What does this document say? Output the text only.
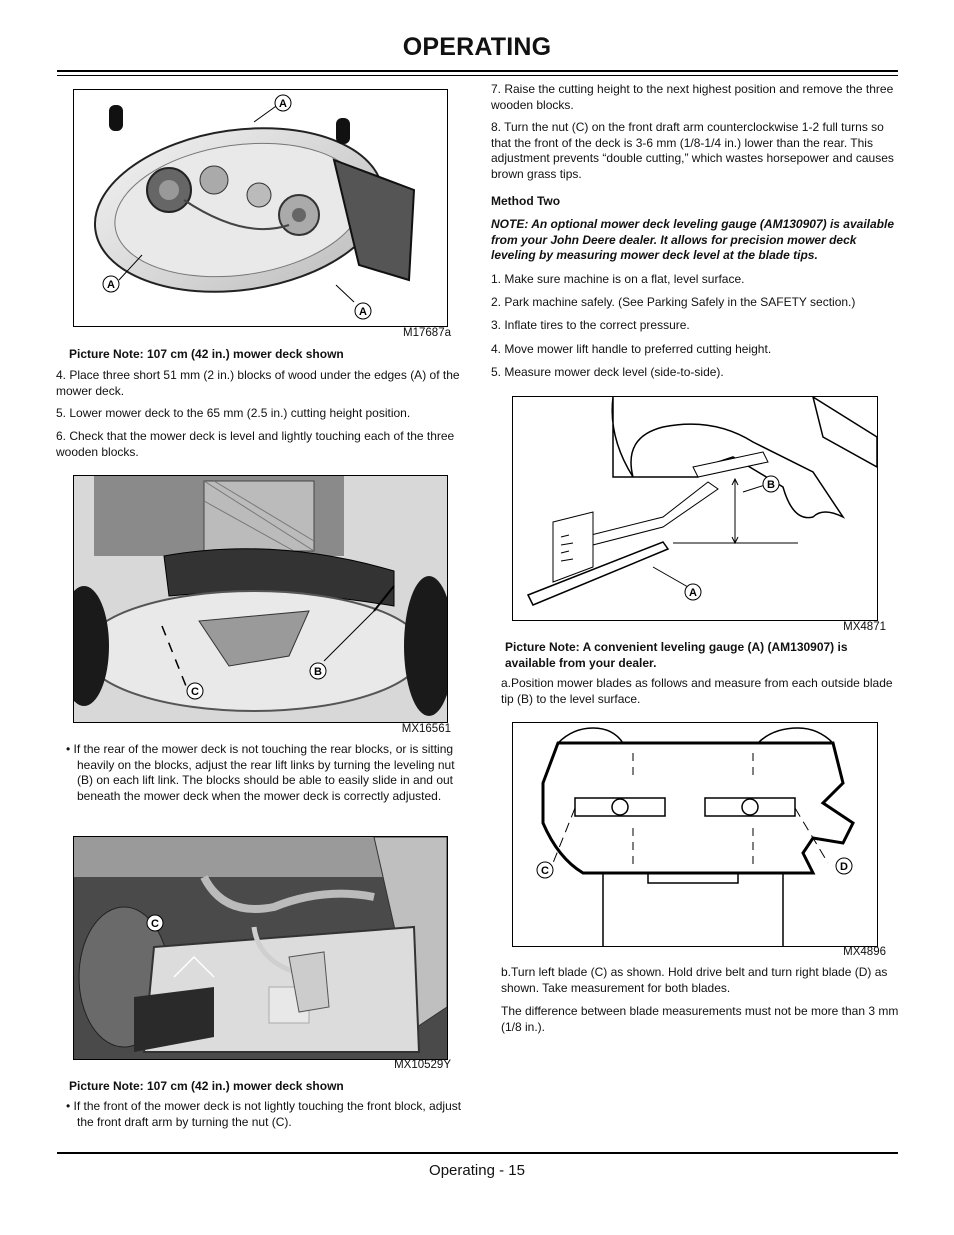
OPERATING
A
A
A
M17687a
Picture Note: 107 cm (42 in.) mower deck shown
4. Place three short 51 mm (2 in.) blocks of wood under the edges (A) of the mower deck.
5. Lower mower deck to the 65 mm (2.5 in.) cutting height position.
6. Check that the mower deck is level and lightly touching each of the three wooden blocks.
B
C
MX16561
• If the rear of the mower deck is not touching the rear blocks, or is sitting heavily on the blocks, adjust the rear lift links by turning the leveling nut (B) on each lift link. The blocks should be able to easily slide in and out beneath the mower deck when the mower deck is correctly adjusted.
C
MX10529Y
Picture Note: 107 cm (42 in.) mower deck shown
• If the front of the mower deck is not lightly touching the front block, adjust the front draft arm by turning the nut (C).
7. Raise the cutting height to the next highest position and remove the three wooden blocks.
8. Turn the nut (C) on the front draft arm counterclockwise 1-2 full turns so that the front of the deck is 3-6 mm (1/8-1/4 in.) lower than the rear. This adjustment prevents “double cutting,” which wastes horsepower and causes brown grass tips.
Method Two
NOTE: An optional mower deck leveling gauge (AM130907) is available from your John Deere dealer. It allows for precision mower deck leveling by measuring mower deck level at the blade tips.
1. Make sure machine is on a flat, level surface.
2. Park machine safely. (See Parking Safely in the SAFETY section.)
3. Inflate tires to the correct pressure.
4. Move mower lift handle to preferred cutting height.
5. Measure mower deck level (side-to-side).
B
A
MX4871
Picture Note: A convenient leveling gauge (A) (AM130907) is available from your dealer.
a.Position mower blades as follows and measure from each outside blade tip (B) to the level surface.
C	D
MX4896
b.Turn left blade (C) as shown. Hold drive belt and turn right blade (D) as shown. Take measurement for both blades.
The difference between blade measurements must not be more than 3 mm (1/8 in.).
Operating - 15
